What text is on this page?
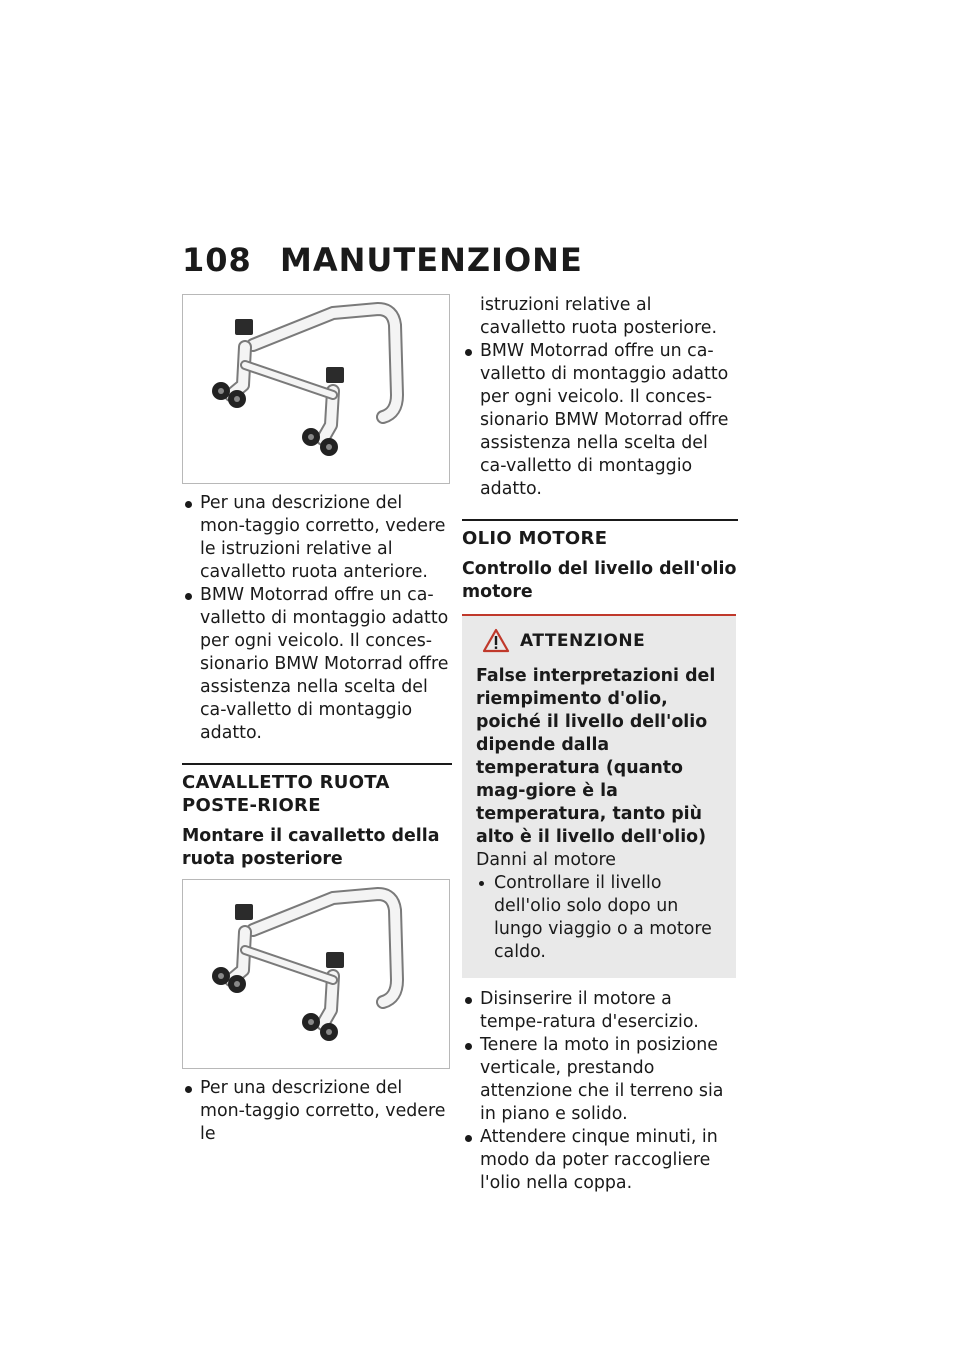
108 MANUTENZIONE
Per una descrizione del mon-taggio corretto, vedere le istruzioni relative al cavalletto ruota anteriore.
BMW Motorrad offre un ca-valletto di montaggio adatto per ogni veicolo. Il conces-sionario BMW Motorrad offre assistenza nella scelta del ca-valletto di montaggio adatto.
CAVALLETTO RUOTA POSTE-RIORE
Montare il cavalletto della ruota posteriore
Per una descrizione del mon-taggio corretto, vedere le
istruzioni relative al cavalletto ruota posteriore.
BMW Motorrad offre un ca-valletto di montaggio adatto per ogni veicolo. Il conces-sionario BMW Motorrad offre assistenza nella scelta del ca-valletto di montaggio adatto.
OLIO MOTORE
Controllo del livello dell'olio motore
ATTENZIONE
False interpretazioni del riempimento d'olio, poiché il livello dell'olio dipende dalla temperatura (quanto mag-giore è la temperatura, tanto più alto è il livello dell'olio)
Danni al motore
Controllare il livello dell'olio solo dopo un lungo viaggio o a motore caldo.
Disinserire il motore a tempe-ratura d'esercizio.
Tenere la moto in posizione verticale, prestando attenzione che il terreno sia in piano e solido.
Attendere cinque minuti, in modo da poter raccogliere l'olio nella coppa.
